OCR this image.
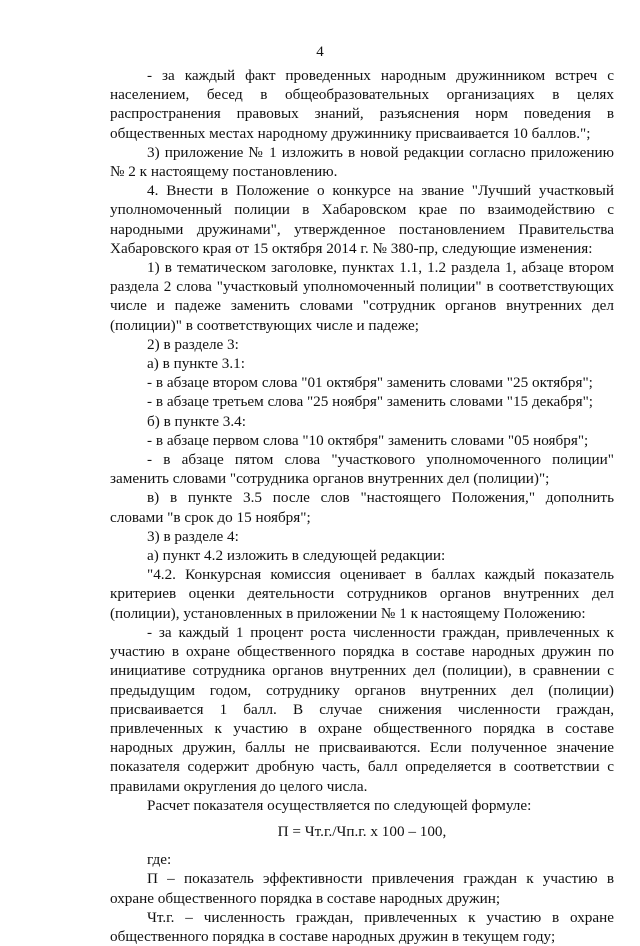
4

- за каждый факт проведенных народным дружинником встреч с населением, бесед в общеобразовательных организациях в целях распространения правовых знаний, разъяснения норм поведения в общественных местах народному дружиннику присваивается 10 баллов.";

3) приложение № 1 изложить в новой редакции согласно приложению № 2 к настоящему постановлению.

4. Внести в Положение о конкурсе на звание "Лучший участковый уполномоченный полиции в Хабаровском крае по взаимодействию с народными дружинами", утвержденное постановлением Правительства Хабаровского края от 15 октября 2014 г. № 380-пр, следующие изменения:

1) в тематическом заголовке, пунктах 1.1, 1.2 раздела 1, абзаце втором раздела 2 слова "участковый уполномоченный полиции" в соответствующих числе и падеже заменить словами "сотрудник органов внутренних дел (полиции)" в соответствующих числе и падеже;

2) в разделе 3:

а) в пункте 3.1:

- в абзаце втором слова "01 октября" заменить словами "25 октября";

- в абзаце третьем слова "25 ноября" заменить словами "15 декабря";

б) в пункте 3.4:

- в абзаце первом слова "10 октября" заменить словами "05 ноября";

- в абзаце пятом слова "участкового уполномоченного полиции" заменить словами "сотрудника органов внутренних дел (полиции)";

в) в пункте 3.5 после слов "настоящего Положения," дополнить словами "в срок до 15 ноября";

3) в разделе 4:

а) пункт 4.2 изложить в следующей редакции:

"4.2. Конкурсная комиссия оценивает в баллах каждый показатель критериев оценки деятельности сотрудников органов внутренних дел (полиции), установленных в приложении № 1 к настоящему Положению:

- за каждый 1 процент роста численности граждан, привлеченных к участию в охране общественного порядка в составе народных дружин по инициативе сотрудника органов внутренних дел (полиции), в сравнении с предыдущим годом, сотруднику органов внутренних дел (полиции) присваивается 1 балл. В случае снижения численности граждан, привлеченных к участию в охране общественного порядка в составе народных дружин, баллы не присваиваются. Если полученное значение показателя содержит дробную часть, балл определяется в соответствии с правилами округления до целого числа.

Расчет показателя осуществляется по следующей формуле:

П = Чт.г./Чп.г. х 100 – 100,

где:

П – показатель эффективности привлечения граждан к участию в охране общественного порядка в составе народных дружин;

Чт.г. – численность граждан, привлеченных к участию в охране общественного порядка в составе народных дружин в текущем году;
